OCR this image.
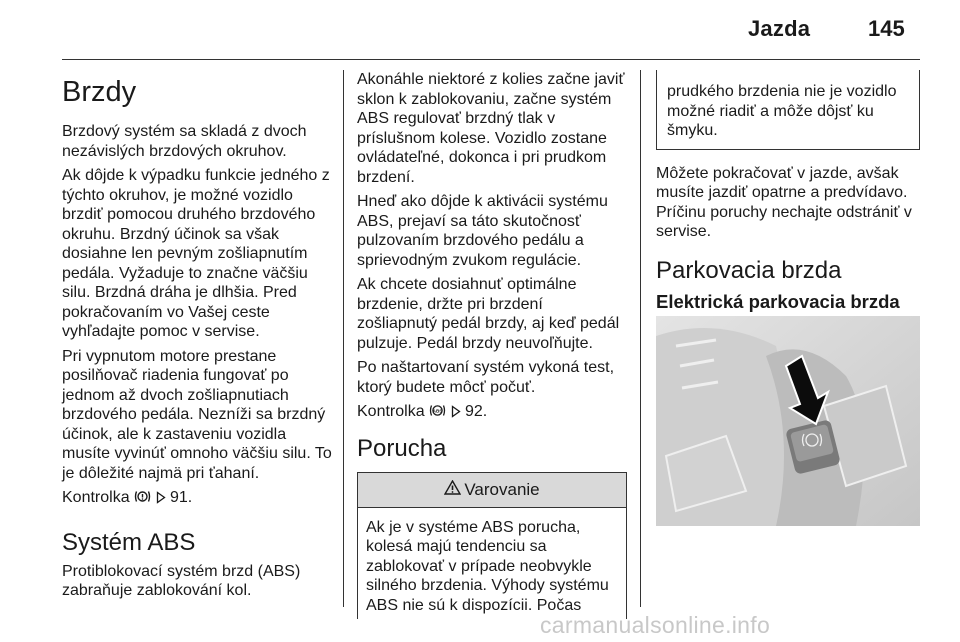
Jazda	145
Brzdy

Brzdový systém sa skladá z dvoch nezávislých brzdových okruhov.

Ak dôjde k výpadku funkcie jedného z týchto okruhov, je možné vozidlo brzdiť pomocou druhého brzdového okruhu. Brzdný účinok sa však dosiahne len pevným zošliapnutím pedála. Vyžaduje to značne väčšiu silu. Brzdná dráha je dlhšia. Pred pokračovaním vo Vašej ceste vyhľadajte pomoc v servise.

Pri vypnutom motore prestane posilňovač riadenia fungovať po jednom až dvoch zošliapnutiach brzdového pedála. Nezníži sa brzdný účinok, ale k zastaveniu vozidla musíte vyvinúť omnoho väčšiu silu. To je dôležité najmä pri ťahaní.

Kontrolka	91.

Systém ABS

Protiblokovací systém brzd (ABS) zabraňuje zablokování kol.

Akonáhle niektoré z kolies začne javiť sklon k zablokovaniu, začne systém ABS regulovať brzdný tlak v príslušnom kolese. Vozidlo zostane ovládateľné, dokonca i pri prudkom brzdení.

Hneď ako dôjde k aktivácii systému ABS, prejaví sa táto skutočnosť pulzovaním brzdového pedálu a sprievodným zvukom regulácie.

Ak chcete dosiahnuť optimálne brzdenie, držte pri brzdení zošliapnutý pedál brzdy, aj keď pedál pulzuje. Pedál brzdy neuvoľňujte.

Po naštartovaní systém vykoná test, ktorý budete môcť počuť.

Kontrolka ABS 92.

Porucha
Varovanie
Ak je v systéme ABS porucha, kolesá majú tendenciu sa zablokovať v prípade neobvykle silného brzdenia. Výhody systému ABS nie sú k dispozícii. Počas
prudkého brzdenia nie je vozidlo možné riadiť a môže dôjsť ku šmyku.

Môžete pokračovať v jazde, avšak musíte jazdiť opatrne a predvídavo. Príčinu poruchy nechajte odstrániť v servise.

Parkovacia brzda
Elektrická parkovacia brzda
carmanualsonline.info
